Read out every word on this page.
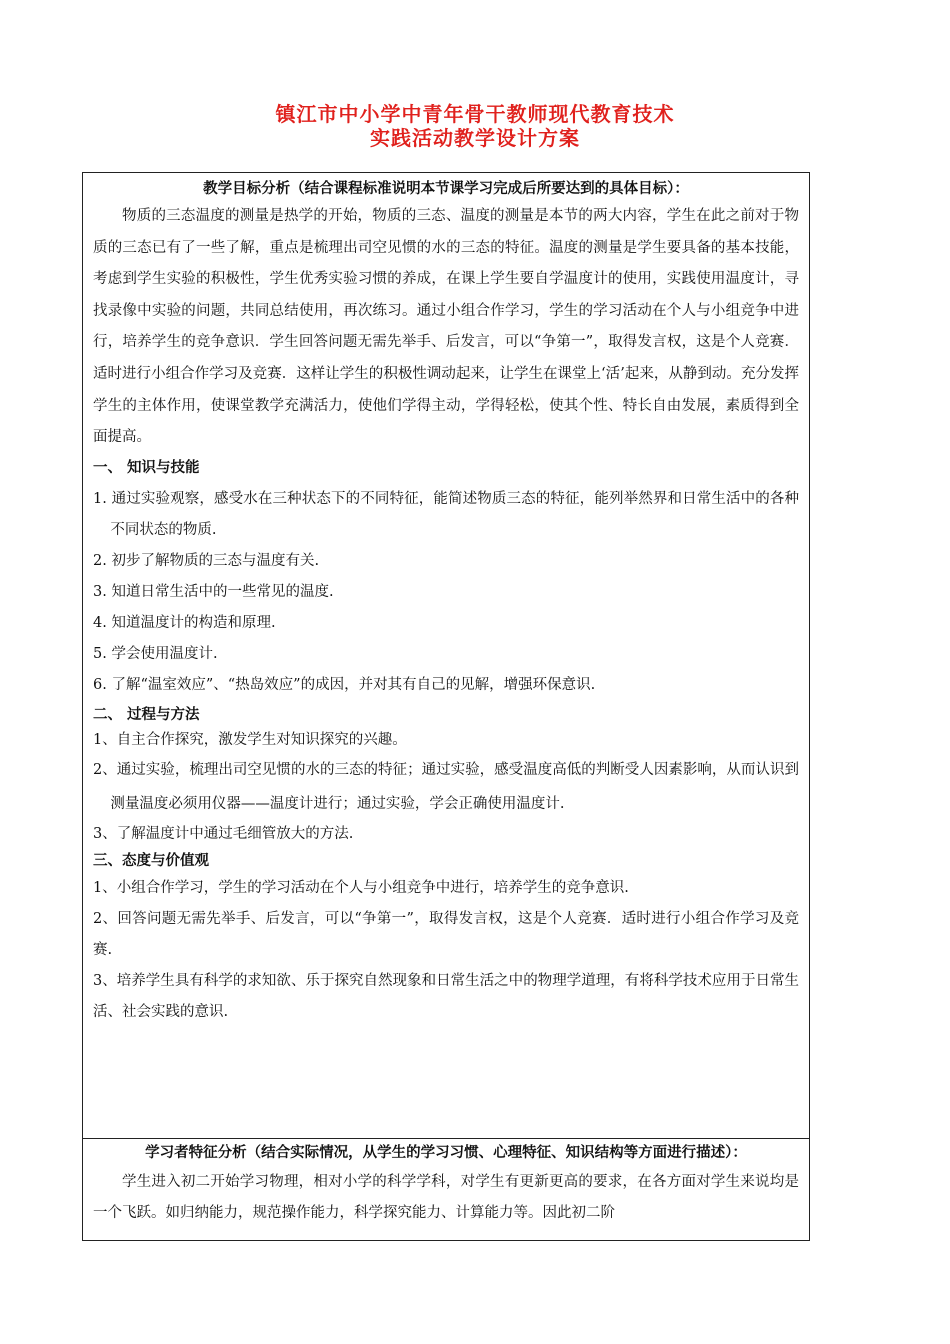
镇江市中小学中青年骨干教师现代教育技术
实践活动教学设计方案
教学目标分析（结合课程标准说明本节课学习完成后所要达到的具体目标）：
物质的三态温度的测量是热学的开始，物质的三态、温度的测量是本节的两大内容，学生在此之前对于物质的三态已有了一些了解，重点是梳理出司空见惯的水的三态的特征。温度的测量是学生要具备的基本技能，考虑到学生实验的积极性，学生优秀实验习惯的养成，在课上学生要自学温度计的使用，实践使用温度计，寻找录像中实验的问题，共同总结使用，再次练习。通过小组合作学习，学生的学习活动在个人与小组竞争中进行，培养学生的竞争意识．学生回答问题无需先举手、后发言，可以“争第一”，取得发言权，这是个人竞赛．适时进行小组合作学习及竞赛．这样让学生的积极性调动起来，让学生在课堂上‘活’起来，从静到动。充分发挥学生的主体作用，使课堂教学充满活力，使他们学得主动，学得轻松，使其个性、特长自由发展，素质得到全面提高。
一、 知识与技能
1. 通过实验观察，感受水在三种状态下的不同特征，能简述物质三态的特征，能列举然界和日常生活中的各种不同状态的物质.
2. 初步了解物质的三态与温度有关.
3. 知道日常生活中的一些常见的温度.
4. 知道温度计的构造和原理.
5. 学会使用温度计.
6. 了解“温室效应”、“热岛效应”的成因，并对其有自己的见解，增强环保意识.
二、 过程与方法
1、自主合作探究，激发学生对知识探究的兴趣。
2、通过实验，梳理出司空见惯的水的三态的特征；通过实验，感受温度高低的判断受人因素影响，从而认识到测量温度必须用仪器——温度计进行；通过实验，学会正确使用温度计.
3、了解温度计中通过毛细管放大的方法.
三、态度与价值观
1、小组合作学习，学生的学习活动在个人与小组竞争中进行，培养学生的竞争意识.
2、回答问题无需先举手、后发言，可以“争第一”，取得发言权，这是个人竞赛．适时进行小组合作学习及竞赛.
3、培养学生具有科学的求知欲、乐于探究自然现象和日常生活之中的物理学道理，有将科学技术应用于日常生活、社会实践的意识.
学习者特征分析（结合实际情况，从学生的学习习惯、心理特征、知识结构等方面进行描述）：
学生进入初二开始学习物理，相对小学的科学学科，对学生有更新更高的要求，在各方面对学生来说均是一个飞跃。如归纳能力，规范操作能力，科学探究能力、计算能力等。因此初二阶
